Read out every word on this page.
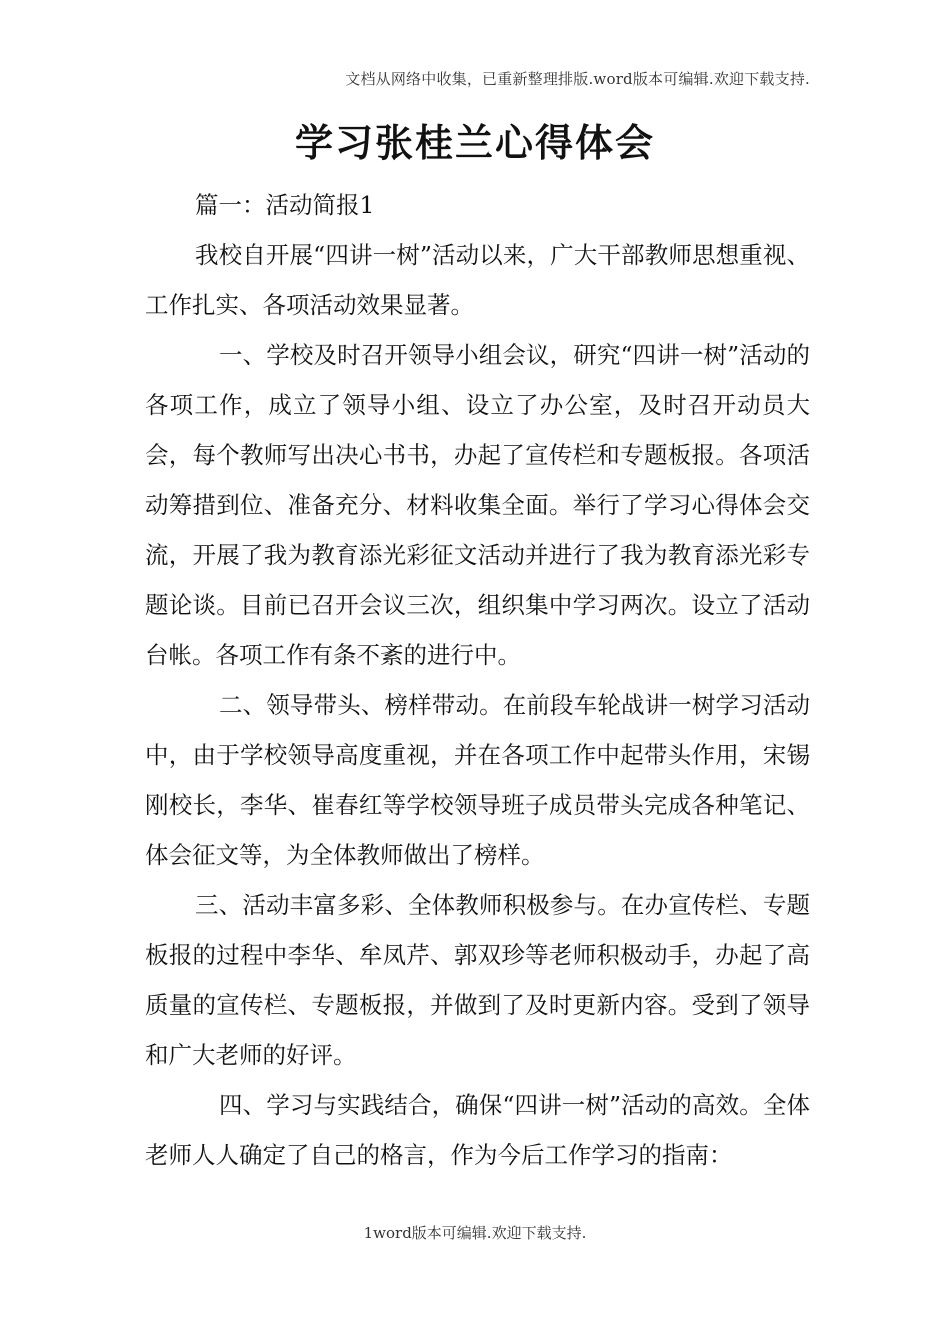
文档从网络中收集，已重新整理排版.word版本可编辑.欢迎下载支持.
学习张桂兰心得体会

篇一：活动简报1

我校自开展“四讲一树”活动以来，广大干部教师思想重视、工作扎实、各项活动效果显著。

一、学校及时召开领导小组会议，研究“四讲一树”活动的各项工作，成立了领导小组、设立了办公室，及时召开动员大会，每个教师写出决心书书，办起了宣传栏和专题板报。各项活动筹措到位、准备充分、材料收集全面。举行了学习心得体会交流，开展了我为教育添光彩征文活动并进行了我为教育添光彩专题论谈。目前已召开会议三次，组织集中学习两次。设立了活动台帐。各项工作有条不紊的进行中。

二、领导带头、榜样带动。在前段车轮战讲一树学习活动中，由于学校领导高度重视，并在各项工作中起带头作用，宋锡刚校长，李华、崔春红等学校领导班子成员带头完成各种笔记、体会征文等，为全体教师做出了榜样。

三、活动丰富多彩、全体教师积极参与。在办宣传栏、专题板报的过程中李华、牟凤芹、郭双珍等老师积极动手，办起了高质量的宣传栏、专题板报，并做到了及时更新内容。受到了领导和广大老师的好评。

四、学习与实践结合，确保“四讲一树”活动的高效。全体老师人人确定了自己的格言，作为今后工作学习的指南：

1word版本可编辑.欢迎下载支持.
